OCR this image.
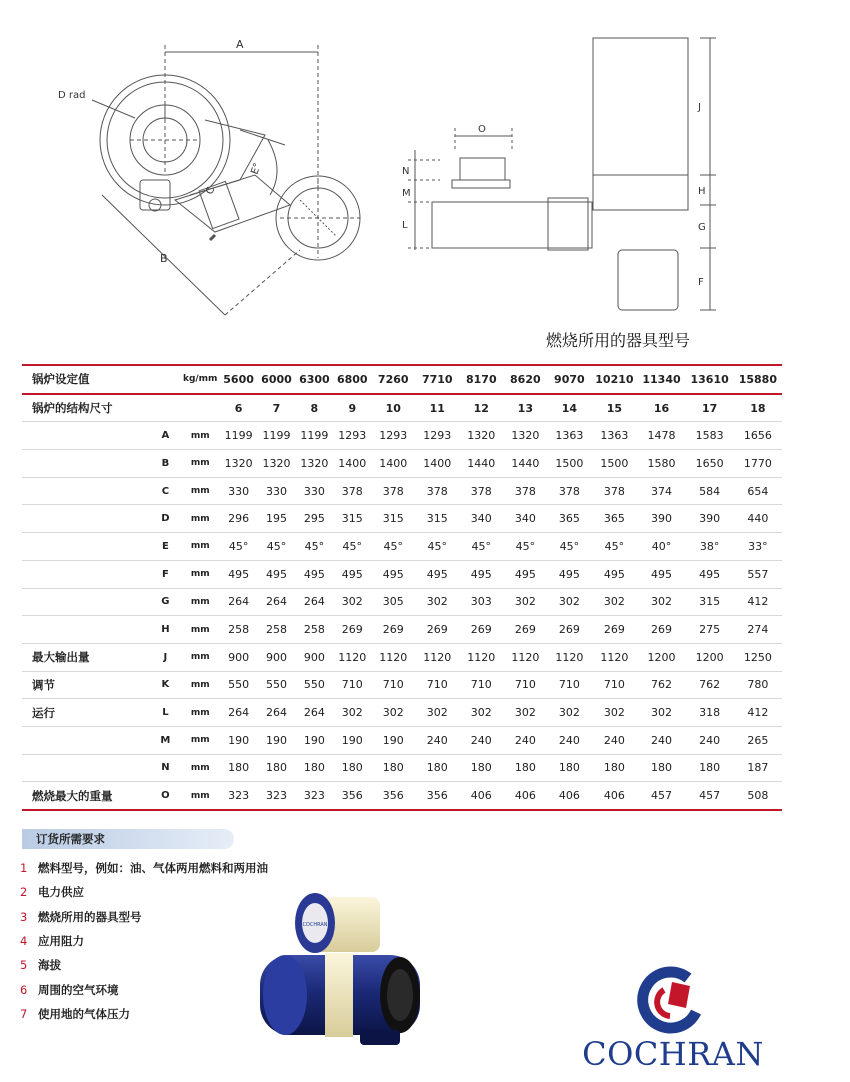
A
D rad
B
E°
C
O
N
M
L
J
H
G
F
燃烧所用的器具型号
锅炉设定值		kg/mm	5600	6000	6300	6800	7260	7710	8170	8620	9070	10210	11340	13610	15880
锅炉的结构尺寸			6	7	8	9	10	11	12	13	14	15	16	17	18
	A	mm	1199	1199	1199	1293	1293	1293	1320	1320	1363	1363	1478	1583	1656
	B	mm	1320	1320	1320	1400	1400	1400	1440	1440	1500	1500	1580	1650	1770
	C	mm	330	330	330	378	378	378	378	378	378	378	374	584	654
	D	mm	296	195	295	315	315	315	340	340	365	365	390	390	440
	E	mm	45°	45°	45°	45°	45°	45°	45°	45°	45°	45°	40°	38°	33°
	F	mm	495	495	495	495	495	495	495	495	495	495	495	495	557
	G	mm	264	264	264	302	305	302	303	302	302	302	302	315	412
	H	mm	258	258	258	269	269	269	269	269	269	269	269	275	274
最大输出量	J	mm	900	900	900	1120	1120	1120	1120	1120	1120	1120	1200	1200	1250
调节	K	mm	550	550	550	710	710	710	710	710	710	710	762	762	780
运行	L	mm	264	264	264	302	302	302	302	302	302	302	302	318	412
	M	mm	190	190	190	190	190	240	240	240	240	240	240	240	265
	N	mm	180	180	180	180	180	180	180	180	180	180	180	180	187
燃烧最大的重量	O	mm	323	323	323	356	356	356	406	406	406	406	457	457	508
订货所需要求
1 燃料型号，例如：油、气体两用燃料和两用油
2 电力供应
3 燃烧所用的器具型号
4 应用阻力
5 海拔
6 周围的空气环境
7 使用地的气体压力
COCHRAN
COCHRAN
